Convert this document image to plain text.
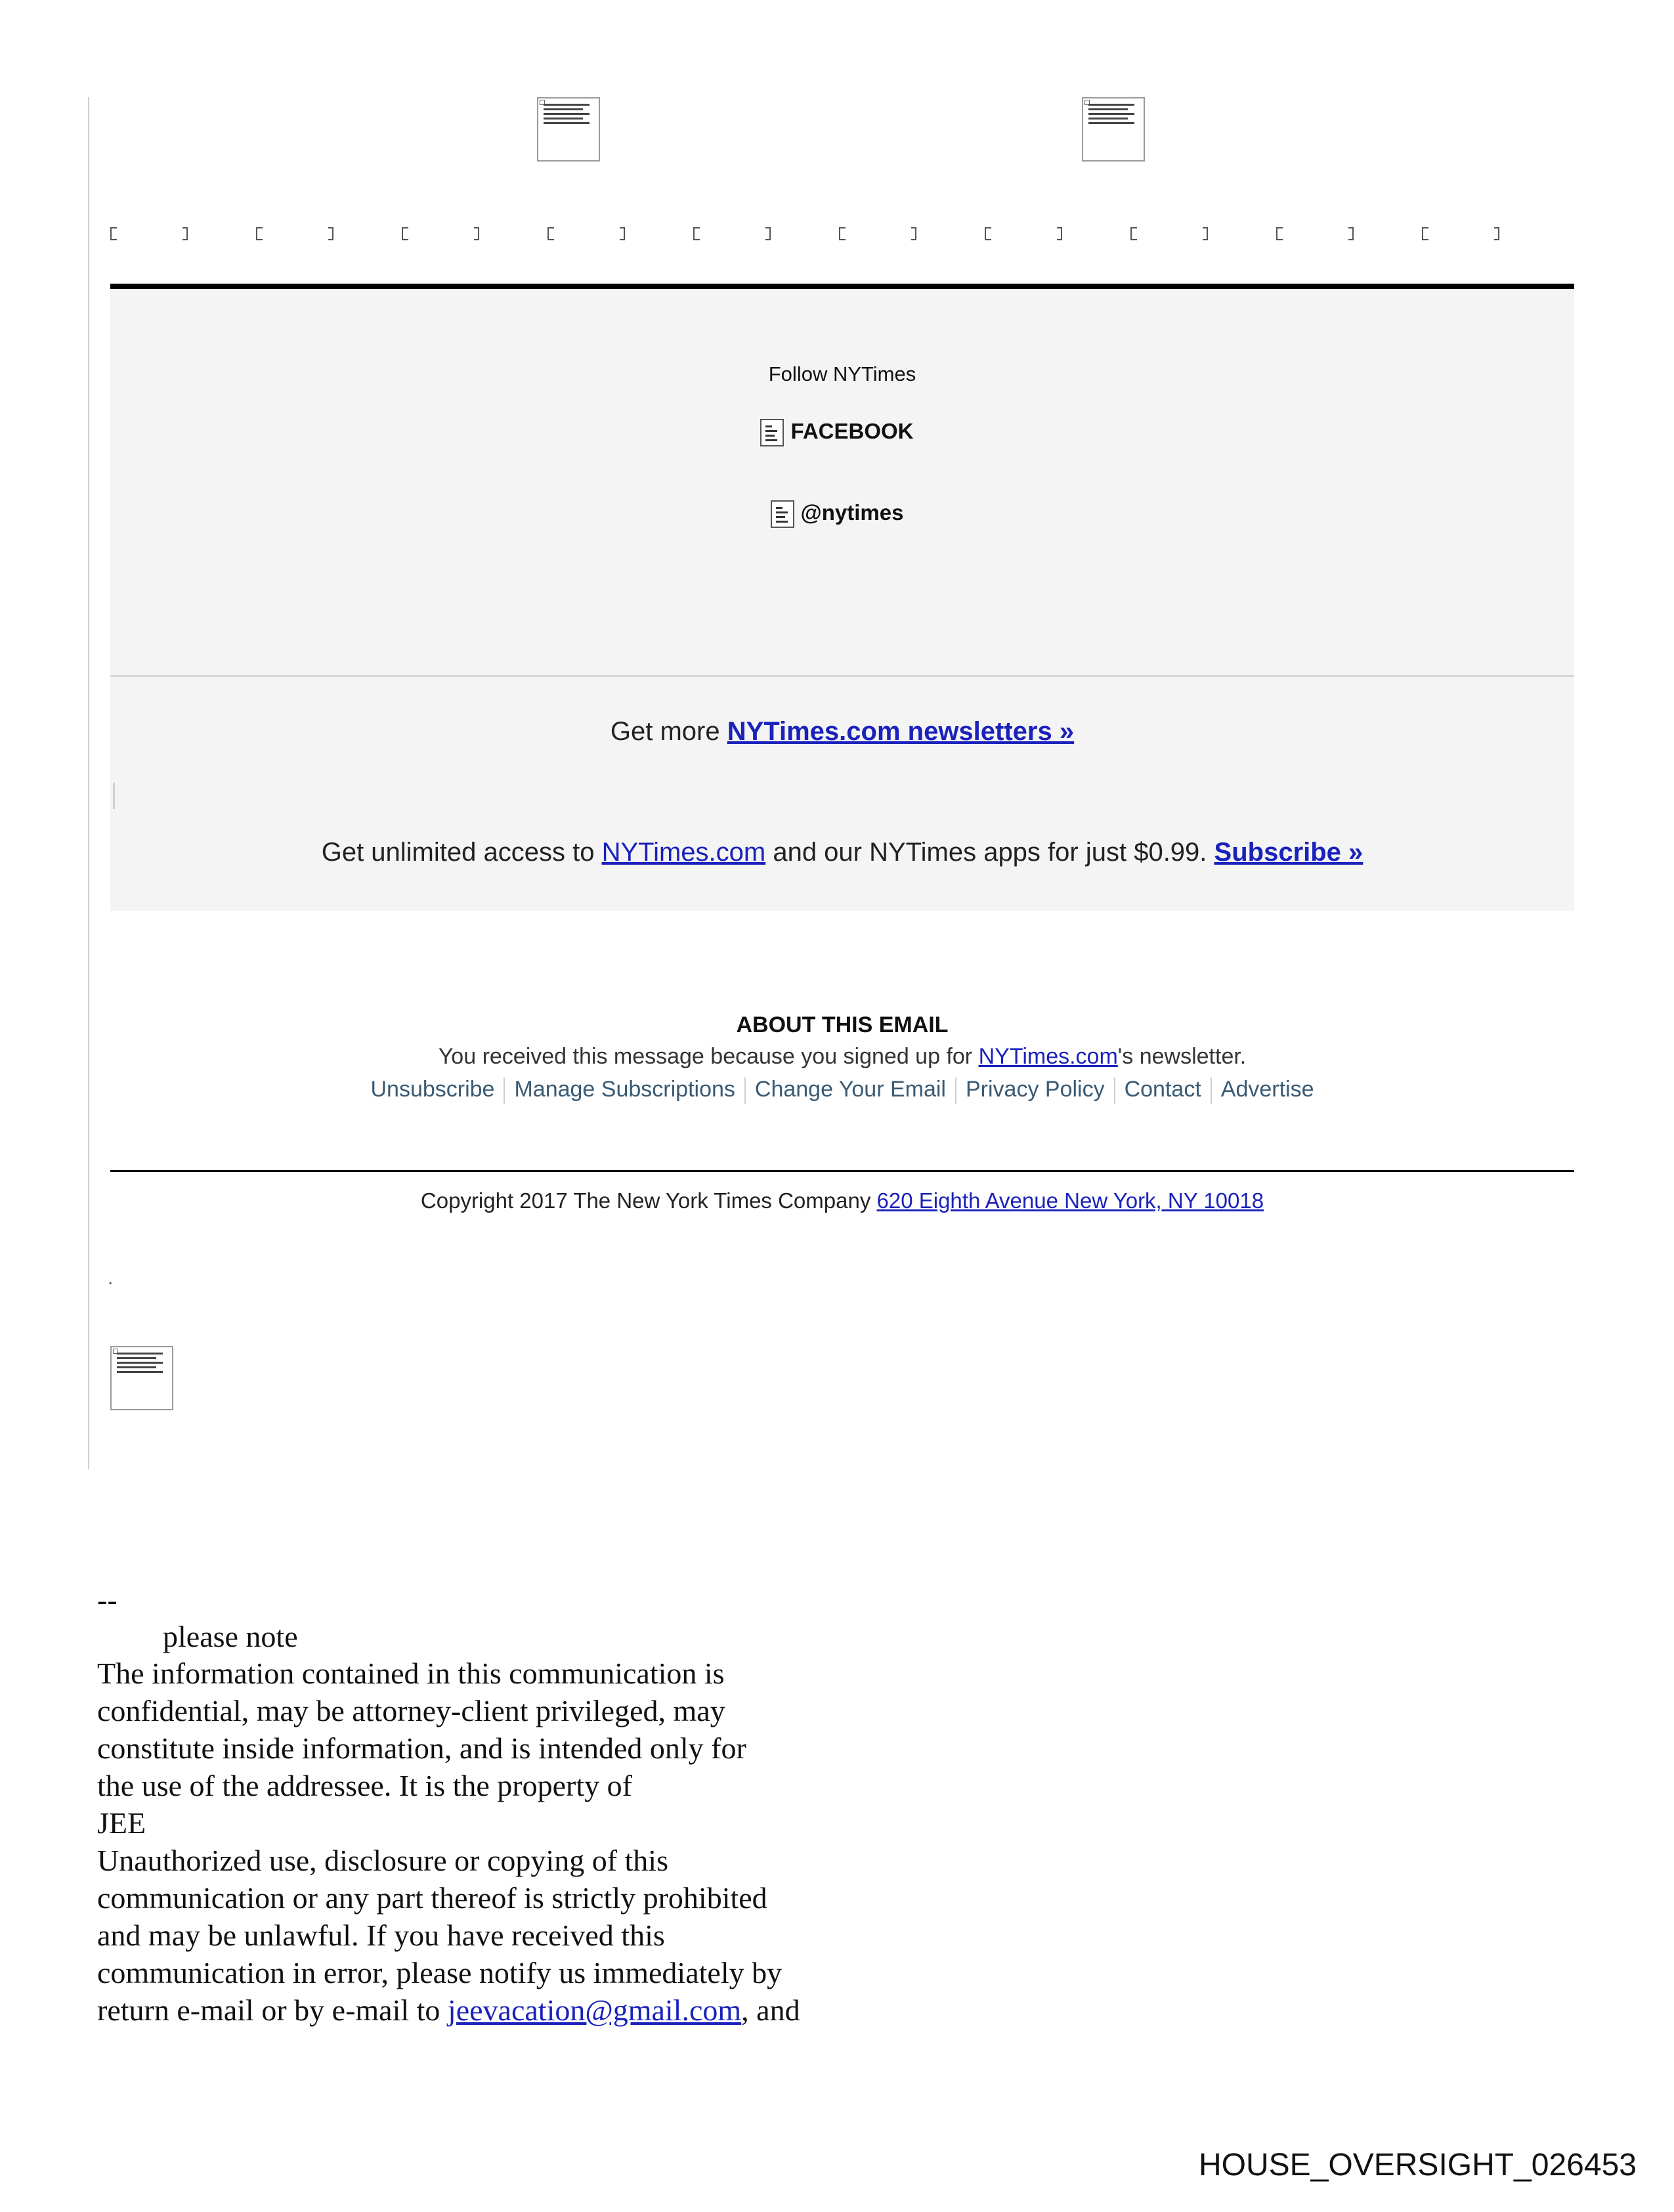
Follow NYTimes
FACEBOOK
@nytimes
Get more NYTimes.com newsletters »
Get unlimited access to NYTimes.com and our NYTimes apps for just $0.99. Subscribe »
ABOUT THIS EMAIL
You received this message because you signed up for NYTimes.com's newsletter.
Unsubscribe Manage Subscriptions Change Your Email Privacy Policy Contact Advertise
Copyright 2017 The New York Times Company 620 Eighth Avenue New York, NY 10018
.
--
please note
The information contained in this communication is
confidential, may be attorney-client privileged, may
constitute inside information, and is intended only for
the use of the addressee. It is the property of
JEE
Unauthorized use, disclosure or copying of this
communication or any part thereof is strictly prohibited
and may be unlawful. If you have received this
communication in error, please notify us immediately by
return e-mail or by e-mail to jeevacation@gmail.com, and
HOUSE_OVERSIGHT_026453
